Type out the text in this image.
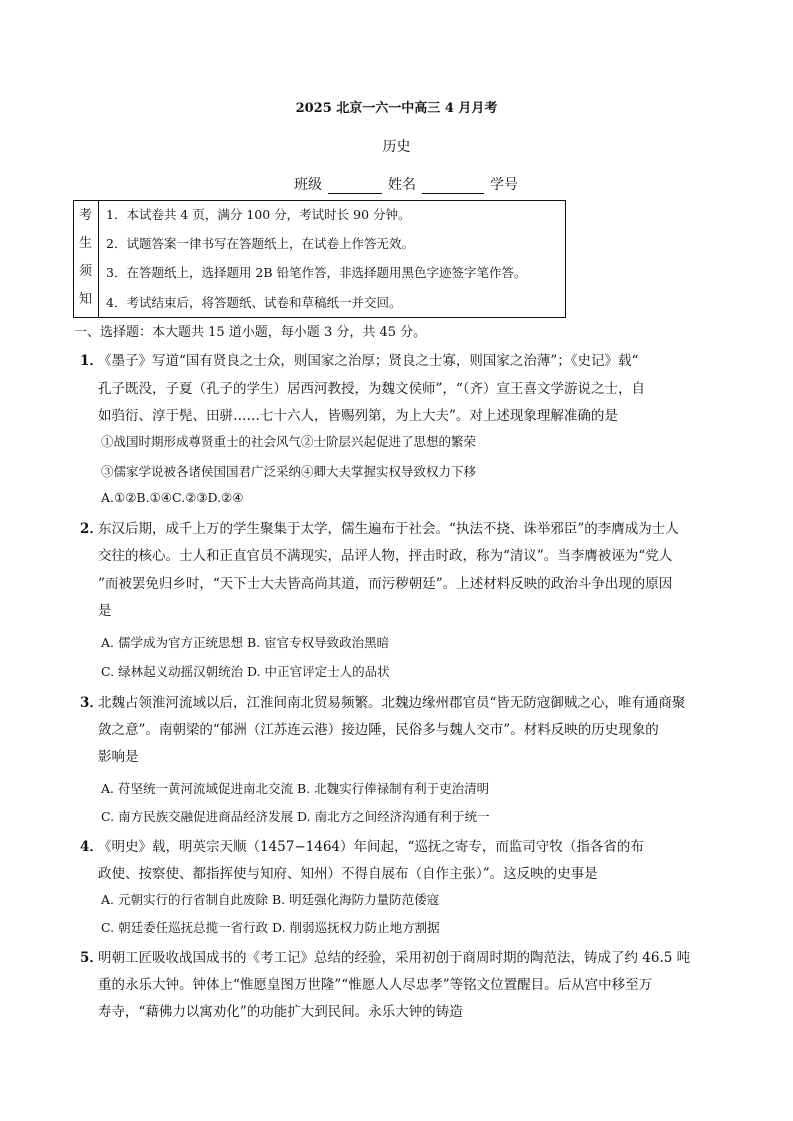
2025 北京一六一中高三 4 月月考
历史
班级	姓名	学号
考
生
须
知
1．本试卷共 4 页，满分 100 分，考试时长 90 分钟。
2．试题答案一律书写在答题纸上，在试卷上作答无效。
3．在答题纸上，选择题用 2B 铅笔作答，非选择题用黑色字迹签字笔作答。
4．考试结束后，将答题纸、试卷和草稿纸一并交回。
一、选择题：本大题共 15 道小题，每小题 3 分，共 45 分。
1．
《墨子》写道“国有贤良之士众，则国家之治厚；贤良之士寡，则国家之治薄”；《史记》载“
孔子既没，子夏（孔子的学生）居西河教授，为魏文侯师”，“（齐）宣王喜文学游说之士，自
如驺衍、淳于髡、田骈……七十六人，皆赐列第，为上大夫”。对上述现象理解准确的是
①战国时期形成尊贤重士的社会风气②士阶层兴起促进了思想的繁荣
③儒家学说被各诸侯国国君广泛采纳④卿大夫掌握实权导致权力下移
A.①②B.①④C.②③D.②④
2．
东汉后期，成千上万的学生聚集于太学，儒生遍布于社会。“执法不挠、诛举邪臣”的李膺成为士人
交往的核心。士人和正直官员不满现实，品评人物，抨击时政，称为“清议”。当李膺被诬为“党人
”而被罢免归乡时，“天下士大夫皆高尚其道，而污秽朝廷”。上述材料反映的政治斗争出现的原因
是
A. 儒学成为官方正统思想 B. 宦官专权导致政治黑暗
C. 绿林起义动摇汉朝统治 D. 中正官评定士人的品状
3．
北魏占领淮河流域以后，江淮间南北贸易频繁。北魏边缘州郡官员“皆无防寇御贼之心，唯有通商聚
敛之意”。南朝梁的“郁洲（江苏连云港）接边陲，民俗多与魏人交市”。材料反映的历史现象的
影响是
A. 苻坚统一黄河流域促进南北交流 B. 北魏实行俸禄制有利于吏治清明
C. 南方民族交融促进商品经济发展 D. 南北方之间经济沟通有利于统一
4．
《明史》载，明英宗天顺（1457−1464）年间起，“巡抚之寄专，而监司守牧（指各省的布
政使、按察使、都指挥使与知府、知州）不得自展布（自作主张）”。这反映的史事是
A. 元朝实行的行省制自此废除 B. 明廷强化海防力量防范倭寇
C. 朝廷委任巡抚总揽一省行政 D. 削弱巡抚权力防止地方割据
5．
明朝工匠吸收战国成书的《考工记》总结的经验，采用初创于商周时期的陶范法，铸成了约 46.5 吨
重的永乐大钟。钟体上“惟愿皇图万世隆”“惟愿人人尽忠孝”等铭文位置醒目。后从宫中移至万
寿寺，“藉佛力以寓劝化”的功能扩大到民间。永乐大钟的铸造
